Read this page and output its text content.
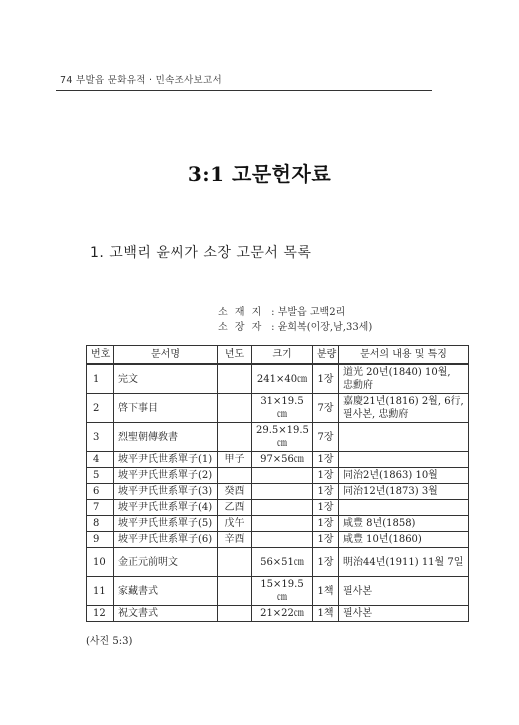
74 부발읍 문화유적 · 민속조사보고서
3:1 고문헌자료
1. 고백리 윤씨가 소장 고문서 목록
소 재 지 : 부발읍 고백2리
소 장 자 : 윤희복(이장,남,33세)
번호	문서명	년도	크기	분량	문서의 내용 및 특징
1	完文		241×40㎝	1장	道光 20년(1840) 10월, 忠勳府
2	啓下事目		31×19.5㎝	7장	嘉慶21년(1816) 2월, 6行, 필사본, 忠勳府
3	烈聖朝傳敎書		29.5×19.5 ㎝	7장	
4	坡平尹氏世系單子(1)	甲子	97×56㎝	1장	
5	坡平尹氏世系單子(2)			1장	同治2년(1863) 10월
6	坡平尹氏世系單子(3)	癸酉		1장	同治12년(1873) 3월
7	坡平尹氏世系單子(4)	乙酉		1장	
8	坡平尹氏世系單子(5)	戊午		1장	咸豊 8년(1858)
9	坡平尹氏世系單子(6)	辛酉		1장	咸豊 10년(1860)
10	金正元前明文		56×51㎝	1장	明治44년(1911) 11월 7일
11	家藏書式		15×19.5㎝	1책	필사본
12	祝文書式		21×22㎝	1책	필사본
(사진 5:3)
